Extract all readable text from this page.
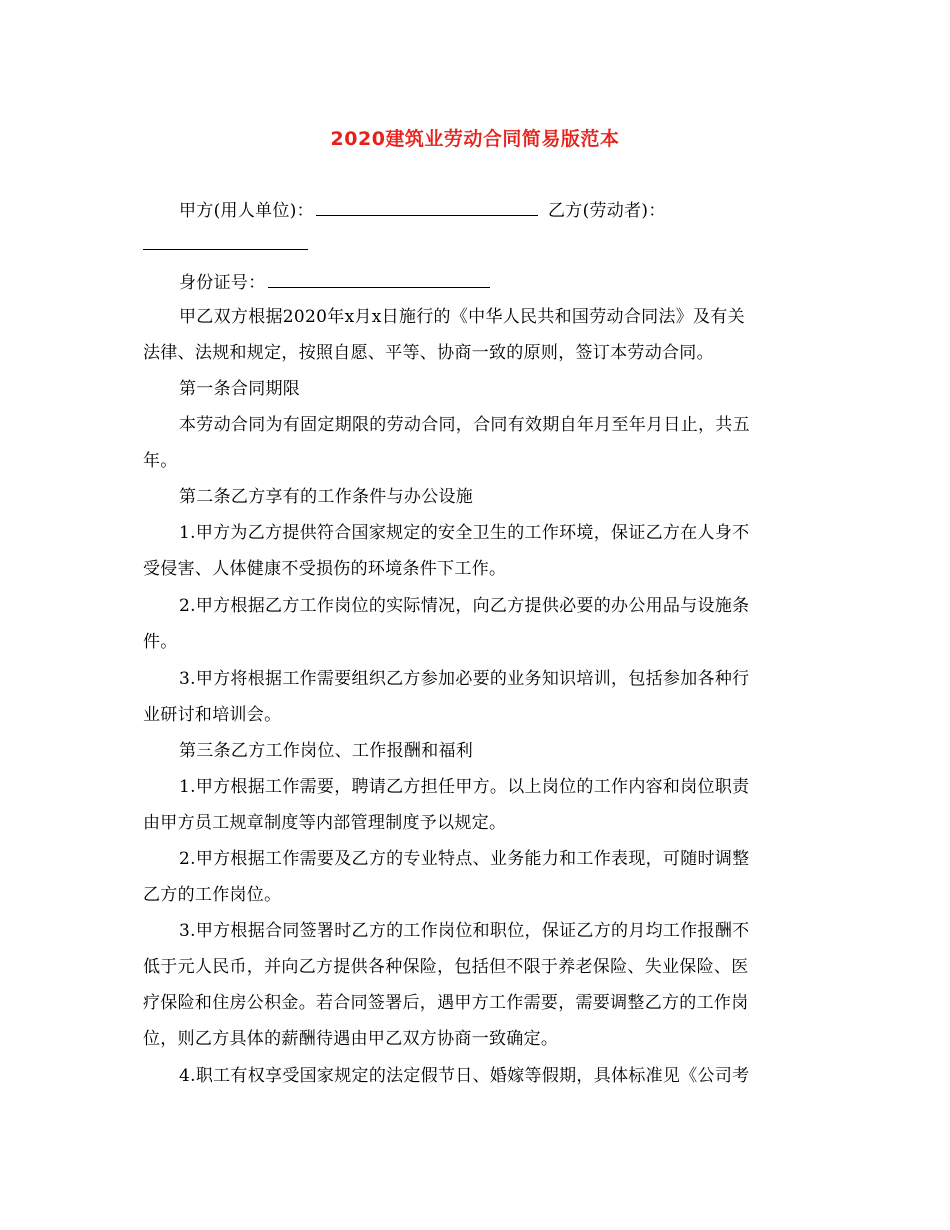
2020建筑业劳动合同简易版范本
甲方(用人单位)：	乙方(劳动者)：
身份证号：
甲乙双方根据2020年x月x日施行的《中华人民共和国劳动合同法》及有关
法律、法规和规定，按照自愿、平等、协商一致的原则，签订本劳动合同。
第一条合同期限
本劳动合同为有固定期限的劳动合同，合同有效期自年月至年月日止，共五
年。
第二条乙方享有的工作条件与办公设施
1.甲方为乙方提供符合国家规定的安全卫生的工作环境，保证乙方在人身不
受侵害、人体健康不受损伤的环境条件下工作。
2.甲方根据乙方工作岗位的实际情况，向乙方提供必要的办公用品与设施条
件。
3.甲方将根据工作需要组织乙方参加必要的业务知识培训，包括参加各种行
业研讨和培训会。
第三条乙方工作岗位、工作报酬和福利
1.甲方根据工作需要，聘请乙方担任甲方。以上岗位的工作内容和岗位职责
由甲方员工规章制度等内部管理制度予以规定。
2.甲方根据工作需要及乙方的专业特点、业务能力和工作表现，可随时调整
乙方的工作岗位。
3.甲方根据合同签署时乙方的工作岗位和职位，保证乙方的月均工作报酬不
低于元人民币，并向乙方提供各种保险，包括但不限于养老保险、失业保险、医
疗保险和住房公积金。若合同签署后，遇甲方工作需要，需要调整乙方的工作岗
位，则乙方具体的薪酬待遇由甲乙双方协商一致确定。
4.职工有权享受国家规定的法定假节日、婚嫁等假期，具体标准见《公司考
